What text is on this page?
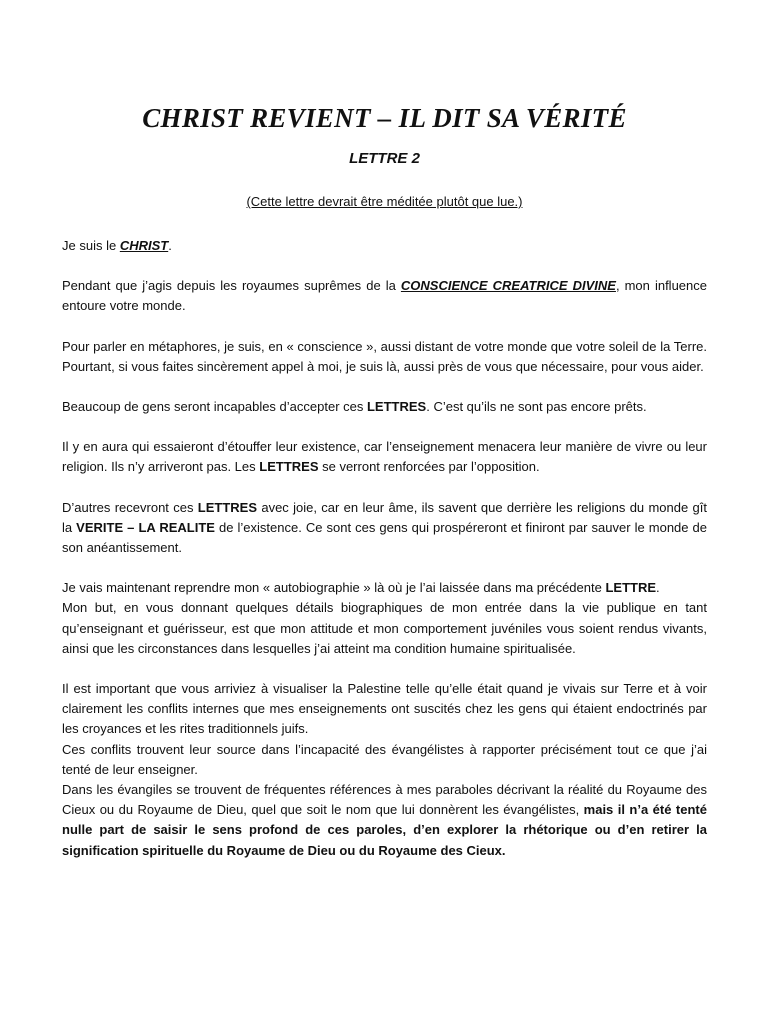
CHRIST REVIENT – IL DIT SA VÉRITÉ
LETTRE 2
(Cette lettre devrait être méditée plutôt que lue.)

Je suis le CHRIST.

Pendant que j’agis depuis les royaumes suprêmes de la CONSCIENCE CREATRICE DIVINE, mon influence entoure votre monde.

Pour parler en métaphores, je suis, en « conscience », aussi distant de votre monde que votre soleil de la Terre. Pourtant, si vous faites sincèrement appel à moi, je suis là, aussi près de vous que nécessaire, pour vous aider.

Beaucoup de gens seront incapables d’accepter ces LETTRES. C’est qu’ils ne sont pas encore prêts.

Il y en aura qui essaieront d’étouffer leur existence, car l’enseignement menacera leur manière de vivre ou leur religion. Ils n’y arriveront pas. Les LETTRES se verront renforcées par l’opposition.

D’autres recevront ces LETTRES avec joie, car en leur âme, ils savent que derrière les religions du monde gît la VERITE – LA REALITE de l’existence. Ce sont ces gens qui prospéreront et finiront par sauver le monde de son anéantissement.

Je vais maintenant reprendre mon « autobiographie » là où je l’ai laissée dans ma précédente LETTRE.

Mon but, en vous donnant quelques détails biographiques de mon entrée dans la vie publique en tant qu’enseignant et guérisseur, est que mon attitude et mon comportement juvéniles vous soient rendus vivants, ainsi que les circonstances dans lesquelles j’ai atteint ma condition humaine spiritualisée.

Il est important que vous arriviez à visualiser la Palestine telle qu’elle était quand je vivais sur Terre et à voir clairement les conflits internes que mes enseignements ont suscités chez les gens qui étaient endoctrinés par les croyances et les rites traditionnels juifs.

Ces conflits trouvent leur source dans l’incapacité des évangélistes à rapporter précisément tout ce que j’ai tenté de leur enseigner.

Dans les évangiles se trouvent de fréquentes références à mes paraboles décrivant la réalité du Royaume des Cieux ou du Royaume de Dieu, quel que soit le nom que lui donnèrent les évangélistes, mais il n’a été tenté nulle part de saisir le sens profond de ces paroles, d’en explorer la rhétorique ou d’en retirer la signification spirituelle du Royaume de Dieu ou du Royaume des Cieux.
